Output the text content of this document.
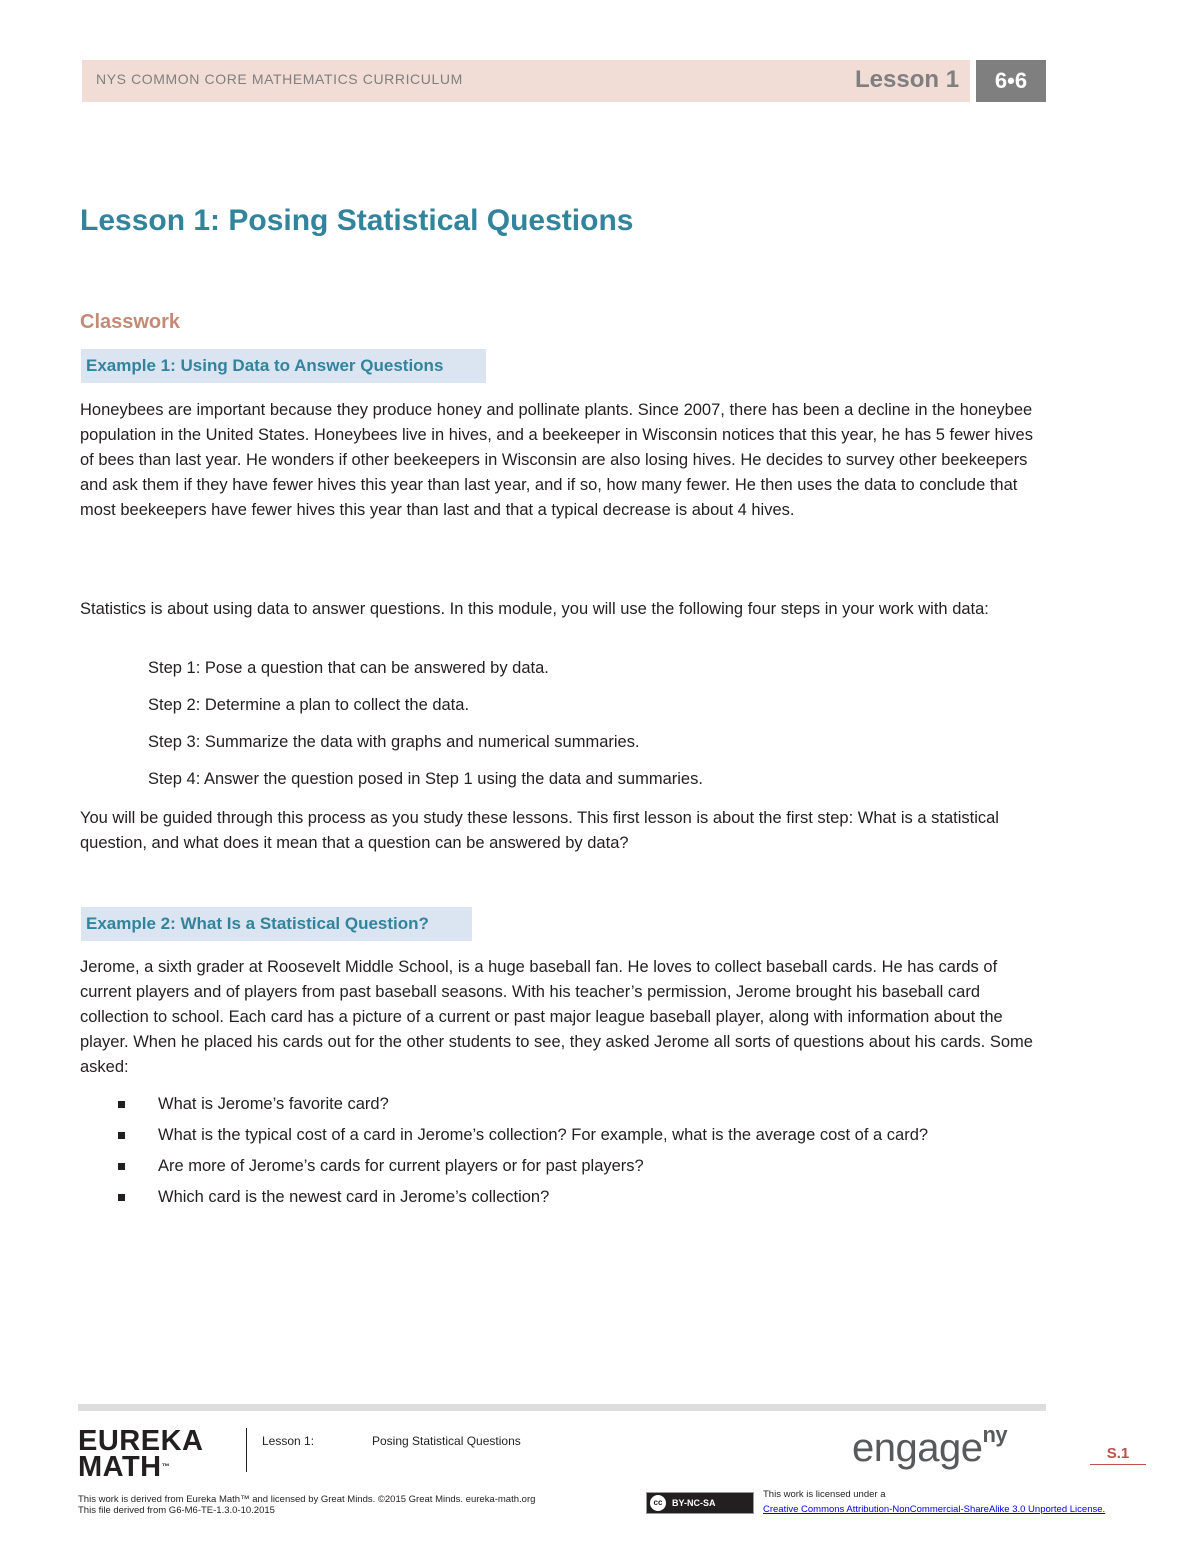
NYS COMMON CORE MATHEMATICS CURRICULUM	Lesson 1	6•6
Lesson 1: Posing Statistical Questions
Classwork
Example 1: Using Data to Answer Questions
Honeybees are important because they produce honey and pollinate plants. Since 2007, there has been a decline in the honeybee population in the United States. Honeybees live in hives, and a beekeeper in Wisconsin notices that this year, he has 5 fewer hives of bees than last year. He wonders if other beekeepers in Wisconsin are also losing hives. He decides to survey other beekeepers and ask them if they have fewer hives this year than last year, and if so, how many fewer. He then uses the data to conclude that most beekeepers have fewer hives this year than last and that a typical decrease is about 4 hives.
Statistics is about using data to answer questions. In this module, you will use the following four steps in your work with data:
Step 1: Pose a question that can be answered by data.
Step 2: Determine a plan to collect the data.
Step 3: Summarize the data with graphs and numerical summaries.
Step 4: Answer the question posed in Step 1 using the data and summaries.
You will be guided through this process as you study these lessons. This first lesson is about the first step: What is a statistical question, and what does it mean that a question can be answered by data?
Example 2: What Is a Statistical Question?
Jerome, a sixth grader at Roosevelt Middle School, is a huge baseball fan. He loves to collect baseball cards. He has cards of current players and of players from past baseball seasons. With his teacher’s permission, Jerome brought his baseball card collection to school. Each card has a picture of a current or past major league baseball player, along with information about the player. When he placed his cards out for the other students to see, they asked Jerome all sorts of questions about his cards. Some asked:
What is Jerome’s favorite card?
What is the typical cost of a card in Jerome’s collection? For example, what is the average cost of a card?
Are more of Jerome’s cards for current players or for past players?
Which card is the newest card in Jerome’s collection?
EUREKA
MATH™
Lesson 1:	Posing Statistical Questions	engage$^{ny}$
S.1
This work is derived from Eureka Math™ and licensed by Great Minds. ©2015 Great Minds. eureka-math.org
This file derived from G6-M6-TE-1.3.0-10.2015
cc	BY-NC-SA
This work is licensed under a
Creative Commons Attribution-NonCommercial-ShareAlike 3.0 Unported License.
